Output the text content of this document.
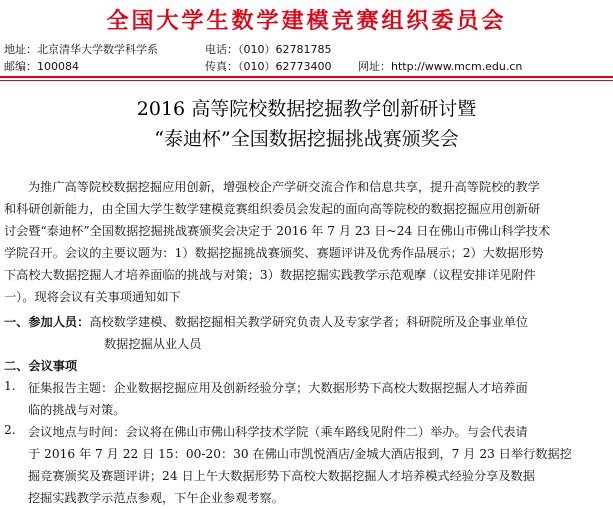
全国大学生数学建模竞赛组织委员会
地址：北京清华大学数学科学系
邮编：100084
电话：（010）62781785
传真：（010）62773400 网址：http://www.mcm.edu.cn
2016 高等院校数据挖掘教学创新研讨暨
“泰迪杯”全国数据挖掘挑战赛颁奖会
为推广高等院校数据挖掘应用创新，增强校企产学研交流合作和信息共享，提升高等院校的教学
和科研创新能力，由全国大学生数学建模竞赛组织委员会发起的面向高等院校的数据挖掘应用创新研
讨会暨“泰迪杯”全国数据挖掘挑战赛颁奖会决定于 2016 年 7 月 23 日~24 日在佛山市佛山科学技术
学院召开。会议的主要议题为：1）数据挖掘挑战赛颁奖、赛题评讲及优秀作品展示；2）大数据形势
下高校大数据挖掘人才培养面临的挑战与对策；3）数据挖掘实践教学示范观摩（议程安排详见附件
一）。现将会议有关事项通知如下
一、参加人员：高校数学建模、数据挖掘相关教学研究负责人及专家学者；科研院所及企事业单位
数据挖掘从业人员
二、会议事项
1. 征集报告主题：企业数据挖掘应用及创新经验分享；大数据形势下高校大数据挖掘人才培养面
临的挑战与对策。
2. 会议地点与时间：会议将在佛山市佛山科学技术学院（乘车路线见附件二）举办。与会代表请
于 2016 年 7 月 22 日 15：00-20：30 在佛山市凯悦酒店/金城大酒店报到，7 月 23 日举行数据挖
掘竞赛颁奖及赛题评讲；24 日上午大数据形势下高校大数据挖掘人才培养模式经验分享及数据
挖掘实践教学示范点参观，下午企业参观考察。
